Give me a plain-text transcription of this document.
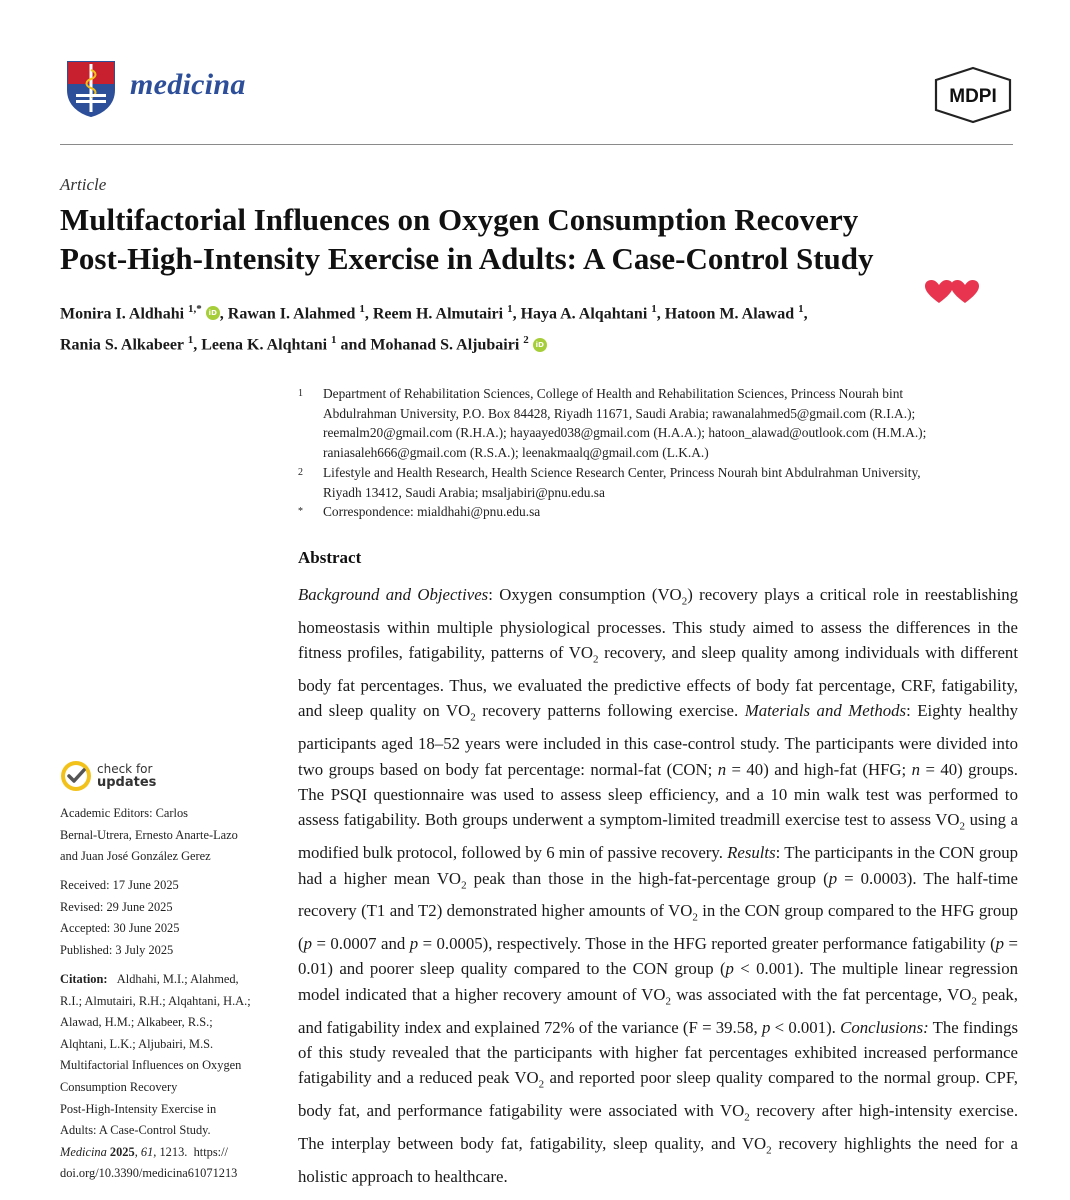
medicina	MDPI
Article
Multifactorial Influences on Oxygen Consumption Recovery
Post-High-Intensity Exercise in Adults: A Case-Control Study
Monira I. Aldhahi $^{1,*}$ iD , Rawan I. Alahmed $^1$, Reem H. Almutairi $^1$, Haya A. Alqahtani $^1$, Hatoon M. Alawad $^1$,
Rania S. Alkabeer $^1$, Leena K. Alqhtani $^1$ and Mohanad S. Aljubairi $^2$ iD
1 Department of Rehabilitation Sciences, College of Health and Rehabilitation Sciences, Princess Nourah bint
Abdulrahman University, P.O. Box 84428, Riyadh 11671, Saudi Arabia; rawanalahmed5@gmail.com (R.I.A.);
reemalm20@gmail.com (R.H.A.); hayaayed038@gmail.com (H.A.A.); hatoon_alawad@outlook.com (H.M.A.);
raniasaleh666@gmail.com (R.S.A.); leenakmaalq@gmail.com (L.K.A.)
2 Lifestyle and Health Research, Health Science Research Center, Princess Nourah bint Abdulrahman University,
Riyadh 13412, Saudi Arabia; msaljabiri@pnu.edu.sa
* Correspondence: mialdhahi@pnu.edu.sa
Abstract
Background and Objectives: Oxygen consumption $(VO_2)$ recovery plays a critical role in reestablishing homeostasis within multiple physiological processes. This study aimed to assess the differences in the fitness profiles, fatigability, patterns of $VO_2$ recovery, and sleep quality among individuals with different body fat percentages. Thus, we evaluated the predictive effects of body fat percentage, CRF, fatigability, and sleep quality on $VO_2$ recovery patterns following exercise. Materials and Methods: Eighty healthy participants aged 18–52 years were included in this case-control study. The participants were divided into two groups based on body fat percentage: normal-fat (CON; n = 40) and high-fat (HFG; n = 40) groups. The PSQI questionnaire was used to assess sleep efficiency, and a 10 min walk test was performed to assess fatigability. Both groups underwent a symptom-limited treadmill exercise test to assess $VO_2$ using a modified bulk protocol, followed by 6 min of passive recovery. Results: The participants in the CON group had a higher mean $VO_2$ peak than those in the high-fat-percentage group (p = 0.0003). The half-time recovery (T1 and T2) demonstrated higher amounts of $VO_2$ in the CON group compared to the HFG group (p = 0.0007 and p = 0.0005), respectively. Those in the HFG reported greater performance fatigability (p = 0.01) and poorer sleep quality compared to the CON group (p < 0.001). The multiple linear regression model indicated that a higher recovery amount of $VO_2$ was associated with the fat percentage, $VO_2$ peak, and fatigability index and explained 72% of the variance (F = 39.58, p < 0.001). Conclusions: The findings of this study revealed that the participants with higher fat percentages exhibited increased performance fatigability and a reduced peak $VO_2$ and reported poor sleep quality compared to the normal group. CPF, body fat, and performance fatigability were associated with $VO_2$ recovery after high-intensity exercise. The interplay between body fat, fatigability, sleep quality, and $VO_2$ recovery highlights the need for a holistic approach to healthcare.
check for
updates
Academic Editors: Carlos
Bernal-Utrera, Ernesto Anarte-Lazo
and Juan José González Gerez
Received: 17 June 2025
Revised: 29 June 2025
Accepted: 30 June 2025
Published: 3 July 2025
Citation: Aldhahi, M.I.; Alahmed,
R.I.; Almutairi, R.H.; Alqahtani, H.A.;
Alawad, H.M.; Alkabeer, R.S.;
Alqhtani, L.K.; Aljubairi, M.S.
Multifactorial Influences on Oxygen
Consumption Recovery
Post-High-Intensity Exercise in
Adults: A Case-Control Study.
Medicina 2025, 61, 1213. https://
doi.org/10.3390/medicina61071213
